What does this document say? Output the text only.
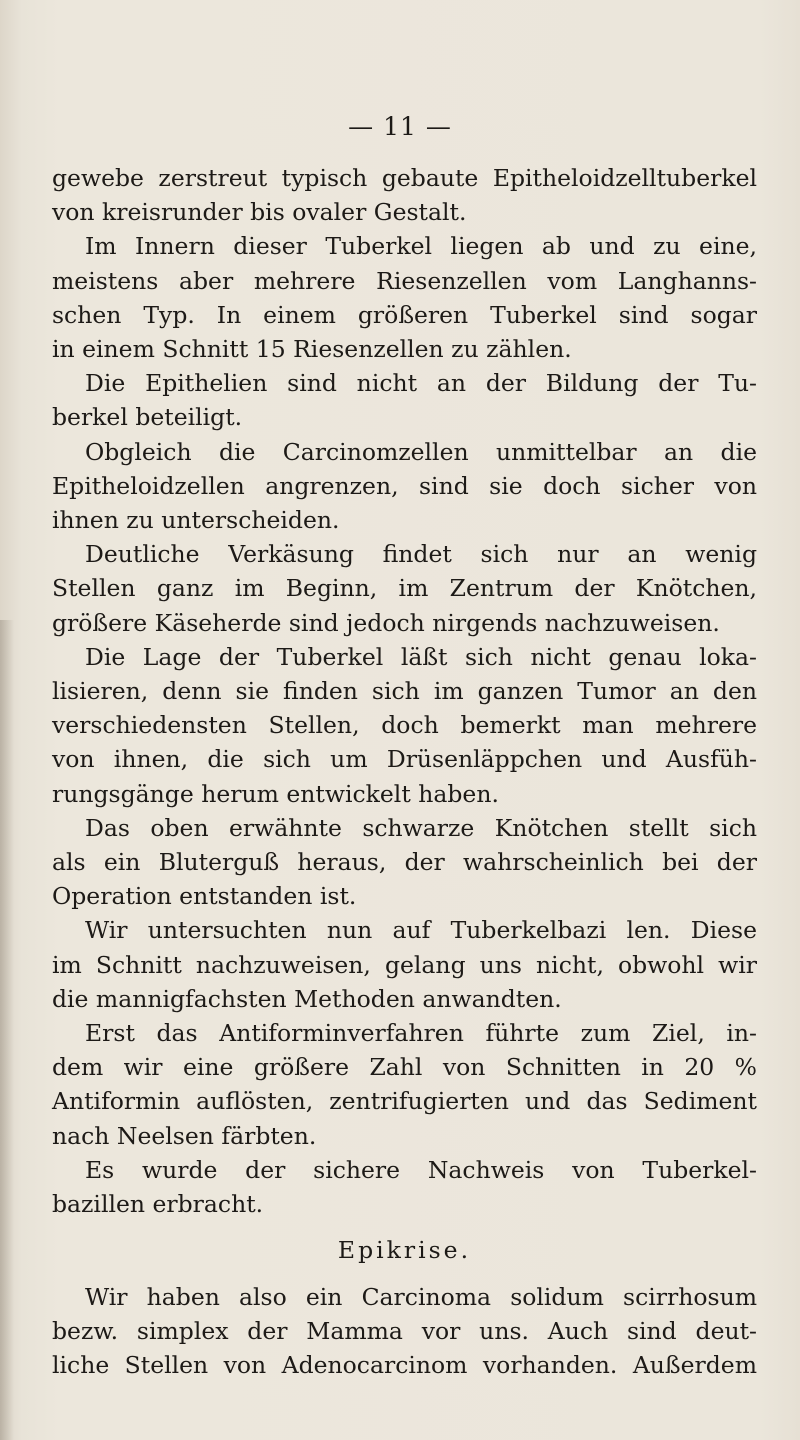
— 11 —
gewebe zerstreut typisch gebaute Epitheloidzelltuberkel
von kreisrunder bis ovaler Gestalt.
Im Innern dieser Tuberkel liegen ab und zu eine,
meistens aber mehrere Riesenzellen vom Langhanns-
schen Typ. In einem größeren Tuberkel sind sogar
in einem Schnitt 15 Riesenzellen zu zählen.
Die Epithelien sind nicht an der Bildung der Tu-
berkel beteiligt.
Obgleich die Carcinomzellen unmittelbar an die
Epitheloidzellen angrenzen, sind sie doch sicher von
ihnen zu unterscheiden.
Deutliche Verkäsung findet sich nur an wenig
Stellen ganz im Beginn, im Zentrum der Knötchen,
größere Käseherde sind jedoch nirgends nachzuweisen.
Die Lage der Tuberkel läßt sich nicht genau loka-
lisieren, denn sie finden sich im ganzen Tumor an den
verschiedensten Stellen, doch bemerkt man mehrere
von ihnen, die sich um Drüsenläppchen und Ausfüh-
rungsgänge herum entwickelt haben.
Das oben erwähnte schwarze Knötchen stellt sich
als ein Bluterguß heraus, der wahrscheinlich bei der
Operation entstanden ist.
Wir untersuchten nun auf Tuberkelbazi len. Diese
im Schnitt nachzuweisen, gelang uns nicht, obwohl wir
die mannigfachsten Methoden anwandten.
Erst das Antiforminverfahren führte zum Ziel, in-
dem wir eine größere Zahl von Schnitten in 20 %
Antiformin auflösten, zentrifugierten und das Sediment
nach Neelsen färbten.
Es wurde der sichere Nachweis von Tuberkel-
bazillen erbracht.
Epikrise.
Wir haben also ein Carcinoma solidum scirrhosum
bezw. simplex der Mamma vor uns. Auch sind deut-
liche Stellen von Adenocarcinom vorhanden. Außerdem
